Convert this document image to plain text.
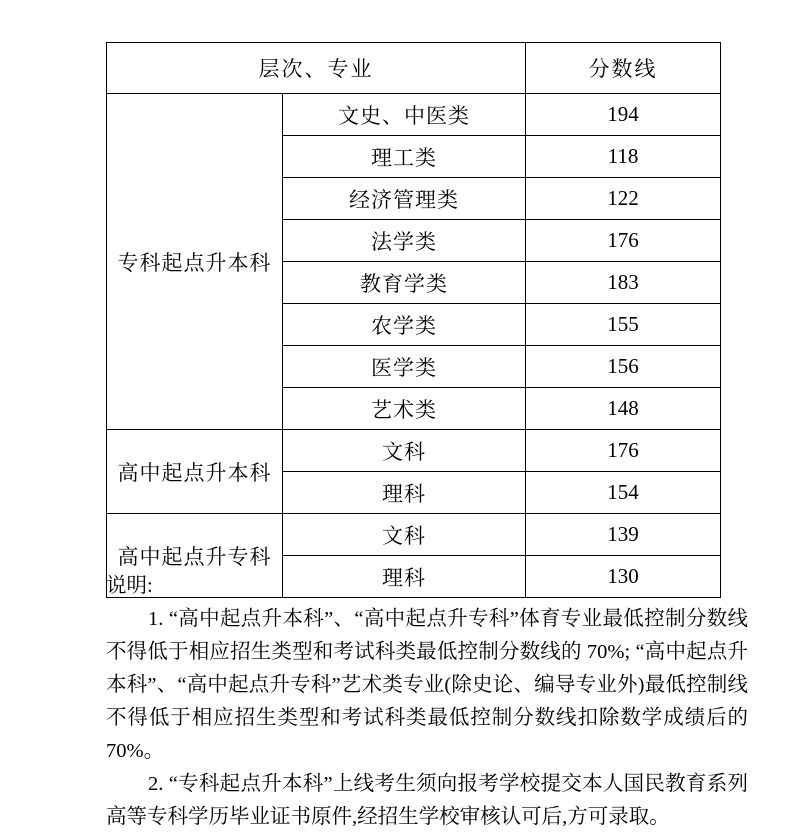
层次、专业		分数线
专科起点升本科	文史、中医类	194
	理工类	118
	经济管理类	122
	法学类	176
	教育学类	183
	农学类	155
	医学类	156
	艺术类	148
高中起点升本科	文科	176
	理科	154
高中起点升专科	文科	139
	理科	130
说明:

1. “高中起点升本科”、“高中起点升专科”体育专业最低控制分数线不得低于相应招生类型和考试科类最低控制分数线的 70%; “高中起点升本科”、“高中起点升专科”艺术类专业(除史论、编导专业外)最低控制线不得低于相应招生类型和考试科类最低控制分数线扣除数学成绩后的 70%。

2. “专科起点升本科”上线考生须向报考学校提交本人国民教育系列高等专科学历毕业证书原件,经招生学校审核认可后,方可录取。
